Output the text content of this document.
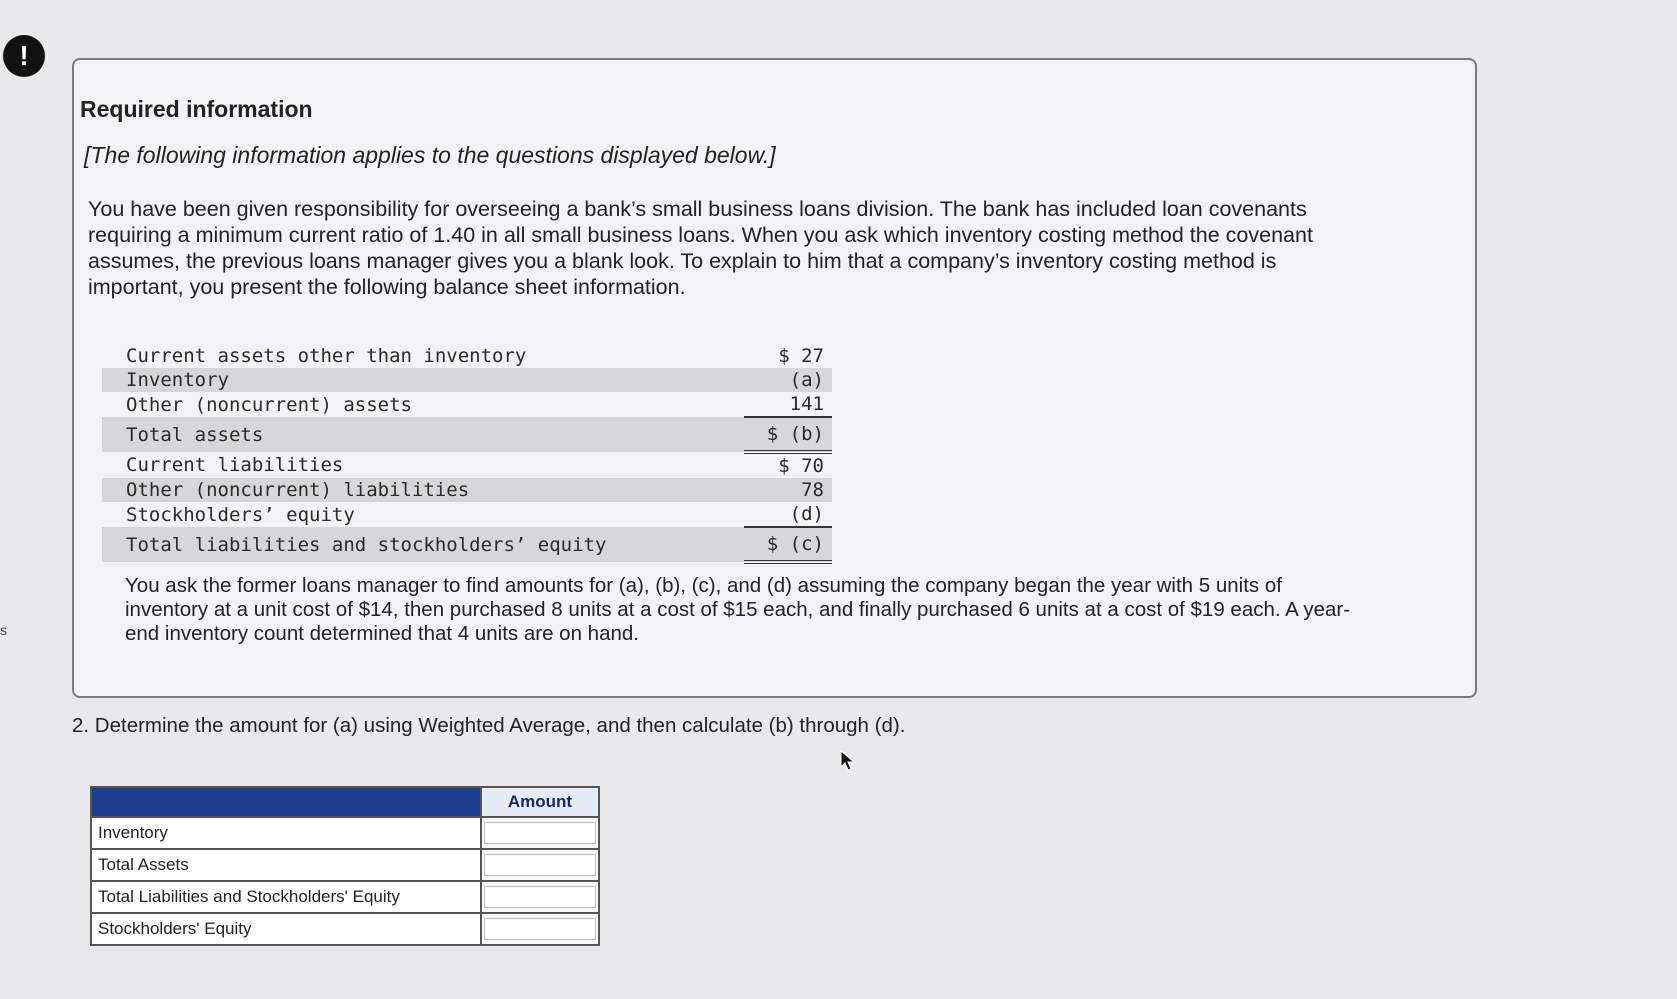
!
s
Required information
[The following information applies to the questions displayed below.]
You have been given responsibility for overseeing a bank’s small business loans division. The bank has included loan covenants requiring a minimum current ratio of 1.40 in all small business loans. When you ask which inventory costing method the covenant assumes, the previous loans manager gives you a blank look. To explain to him that a company’s inventory costing method is important, you present the following balance sheet information.
Current assets other than inventory	$ 27
Inventory	(a)
Other (noncurrent) assets	141
Total assets	$ (b)
Current liabilities	$ 70
Other (noncurrent) liabilities	78
Stockholders’ equity	(d)
Total liabilities and stockholders’ equity	$ (c)
You ask the former loans manager to find amounts for (a), (b), (c), and (d) assuming the company began the year with 5 units of inventory at a unit cost of $14, then purchased 8 units at a cost of $15 each, and finally purchased 6 units at a cost of $19 each. A year-end inventory count determined that 4 units are on hand.
2. Determine the amount for (a) using Weighted Average, and then calculate (b) through (d).
	Amount
Inventory	
Total Assets	
Total Liabilities and Stockholders' Equity	
Stockholders' Equity	
